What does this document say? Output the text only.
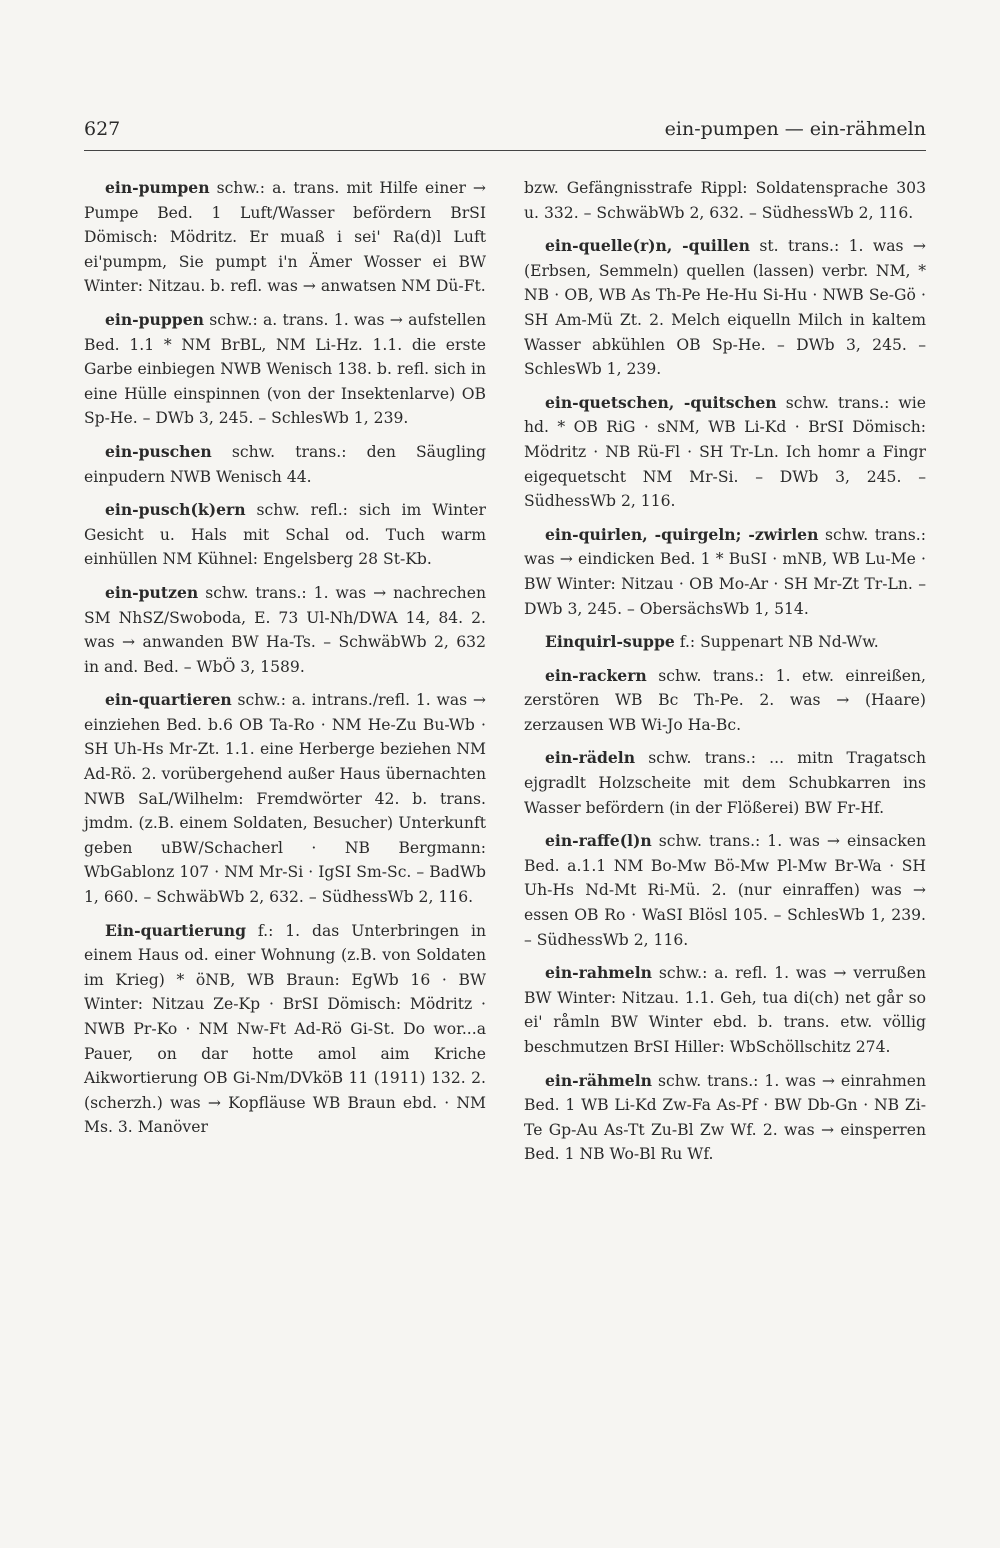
627	ein-pumpen — ein-rähmeln

ein-pumpen schw.: a. trans. mit Hilfe einer → Pumpe Bed. 1 Luft/Wasser befördern BrSI Dömisch: Mödritz. Er muaß i sei' Ra(d)l Luft ei'pumpm, Sie pumpt i'n Ämer Wosser ei BW Winter: Nitzau. b. refl. was → anwatsen NM Dü-Ft.

ein-puppen schw.: a. trans. 1. was → aufstellen Bed. 1.1 * NM BrBL, NM Li-Hz. 1.1. die erste Garbe einbiegen NWB Wenisch 138. b. refl. sich in eine Hülle einspinnen (von der Insektenlarve) OB Sp-He. – DWb 3, 245. – SchlesWb 1, 239.

ein-puschen schw. trans.: den Säugling einpudern NWB Wenisch 44.

ein-pusch(k)ern schw. refl.: sich im Winter Gesicht u. Hals mit Schal od. Tuch warm einhüllen NM Kühnel: Engelsberg 28 St-Kb.

ein-putzen schw. trans.: 1. was → nachrechen SM NhSZ/Swoboda, E. 73 Ul-Nh/DWA 14, 84. 2. was → anwanden BW Ha-Ts. – SchwäbWb 2, 632 in and. Bed. – WbÖ 3, 1589.

ein-quartieren schw.: a. intrans./refl. 1. was → einziehen Bed. b.6 OB Ta-Ro · NM He-Zu Bu-Wb · SH Uh-Hs Mr-Zt. 1.1. eine Herberge beziehen NM Ad-Rö. 2. vorübergehend außer Haus übernachten NWB SaL/Wilhelm: Fremdwörter 42. b. trans. jmdm. (z.B. einem Soldaten, Besucher) Unterkunft geben uBW/Schacherl · NB Bergmann: WbGablonz 107 · NM Mr-Si · IgSI Sm-Sc. – BadWb 1, 660. – SchwäbWb 2, 632. – SüdhessWb 2, 116.

Ein-quartierung f.: 1. das Unterbringen in einem Haus od. einer Wohnung (z.B. von Soldaten im Krieg) * öNB, WB Braun: EgWb 16 · BW Winter: Nitzau Ze-Kp · BrSI Dömisch: Mödritz · NWB Pr-Ko · NM Nw-Ft Ad-Rö Gi-St. Do wor...a Pauer, on dar hotte amol aim Kriche Aikwortierung OB Gi-Nm/DVköB 11 (1911) 132. 2. (scherzh.) was → Kopfläuse WB Braun ebd. · NM Ms. 3. Manöver

bzw. Gefängnisstrafe Rippl: Soldatensprache 303 u. 332. – SchwäbWb 2, 632. – SüdhessWb 2, 116.

ein-quelle(r)n, -quillen st. trans.: 1. was → (Erbsen, Semmeln) quellen (lassen) verbr. NM, * NB · OB, WB As Th-Pe He-Hu Si-Hu · NWB Se-Gö · SH Am-Mü Zt. 2. Melch eiquelln Milch in kaltem Wasser abkühlen OB Sp-He. – DWb 3, 245. – SchlesWb 1, 239.

ein-quetschen, -quitschen schw. trans.: wie hd. * OB RiG · sNM, WB Li-Kd · BrSI Dömisch: Mödritz · NB Rü-Fl · SH Tr-Ln. Ich homr a Fingr eigequetscht NM Mr-Si. – DWb 3, 245. – SüdhessWb 2, 116.

ein-quirlen, -quirgeln; -zwirlen schw. trans.: was → eindicken Bed. 1 * BuSI · mNB, WB Lu-Me · BW Winter: Nitzau · OB Mo-Ar · SH Mr-Zt Tr-Ln. – DWb 3, 245. – ObersächsWb 1, 514.

Einquirl-suppe f.: Suppenart NB Nd-Ww.

ein-rackern schw. trans.: 1. etw. einreißen, zerstören WB Bc Th-Pe. 2. was → (Haare) zerzausen WB Wi-Jo Ha-Bc.

ein-rädeln schw. trans.: ... mitn Tragatsch ejgradlt Holzscheite mit dem Schubkarren ins Wasser befördern (in der Flößerei) BW Fr-Hf.

ein-raffe(l)n schw. trans.: 1. was → einsacken Bed. a.1.1 NM Bo-Mw Bö-Mw Pl-Mw Br-Wa · SH Uh-Hs Nd-Mt Ri-Mü. 2. (nur einraffen) was → essen OB Ro · WaSI Blösl 105. – SchlesWb 1, 239. – SüdhessWb 2, 116.

ein-rahmeln schw.: a. refl. 1. was → verrußen BW Winter: Nitzau. 1.1. Geh, tua di(ch) net går so ei' råmln BW Winter ebd. b. trans. etw. völlig beschmutzen BrSI Hiller: WbSchöllschitz 274.

ein-rähmeln schw. trans.: 1. was → einrahmen Bed. 1 WB Li-Kd Zw-Fa As-Pf · BW Db-Gn · NB Zi-Te Gp-Au As-Tt Zu-Bl Zw Wf. 2. was → einsperren Bed. 1 NB Wo-Bl Ru Wf.
